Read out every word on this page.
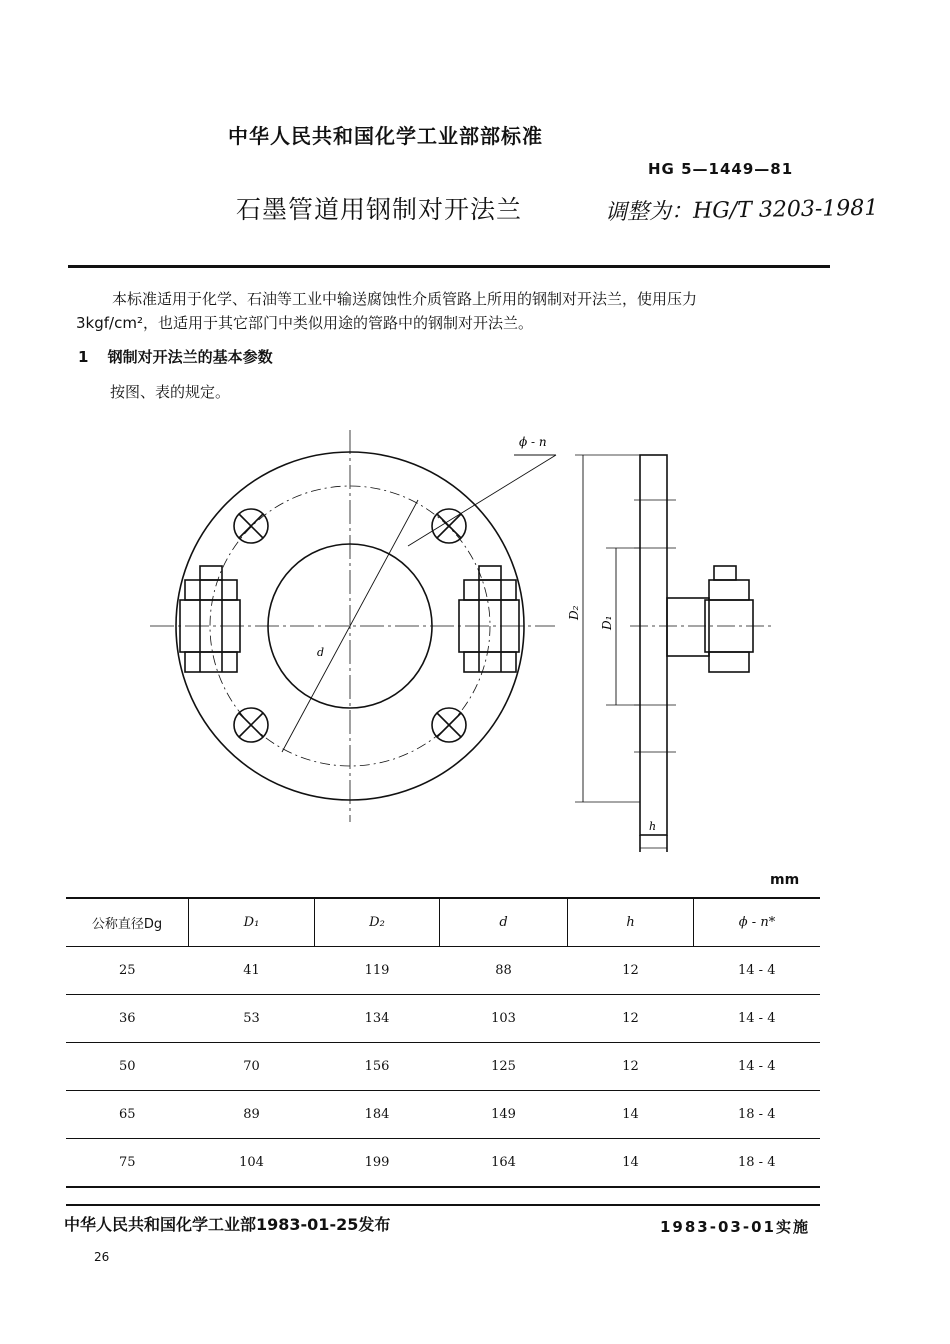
中华人民共和国化学工业部部标准
HG 5—1449—81
石墨管道用钢制对开法兰	调整为：HG/T 3203-1981
本标准适用于化学、石油等工业中输送腐蚀性介质管路上所用的钢制对开法兰，使用压力
3kgf/cm²，也适用于其它部门中类似用途的管路中的钢制对开法兰。
1 钢制对开法兰的基本参数
按图、表的规定。
ϕ - n
d
D₂
D₁
h
mm
公称直径Dg	D₁	D₂	d	h	ϕ - n*
25	41	119	88	12	14 - 4
36	53	134	103	12	14 - 4
50	70	156	125	12	14 - 4
65	89	184	149	14	18 - 4
75	104	199	164	14	18 - 4
中华人民共和国化学工业部1983-01-25发布	1983-03-01实施
26
